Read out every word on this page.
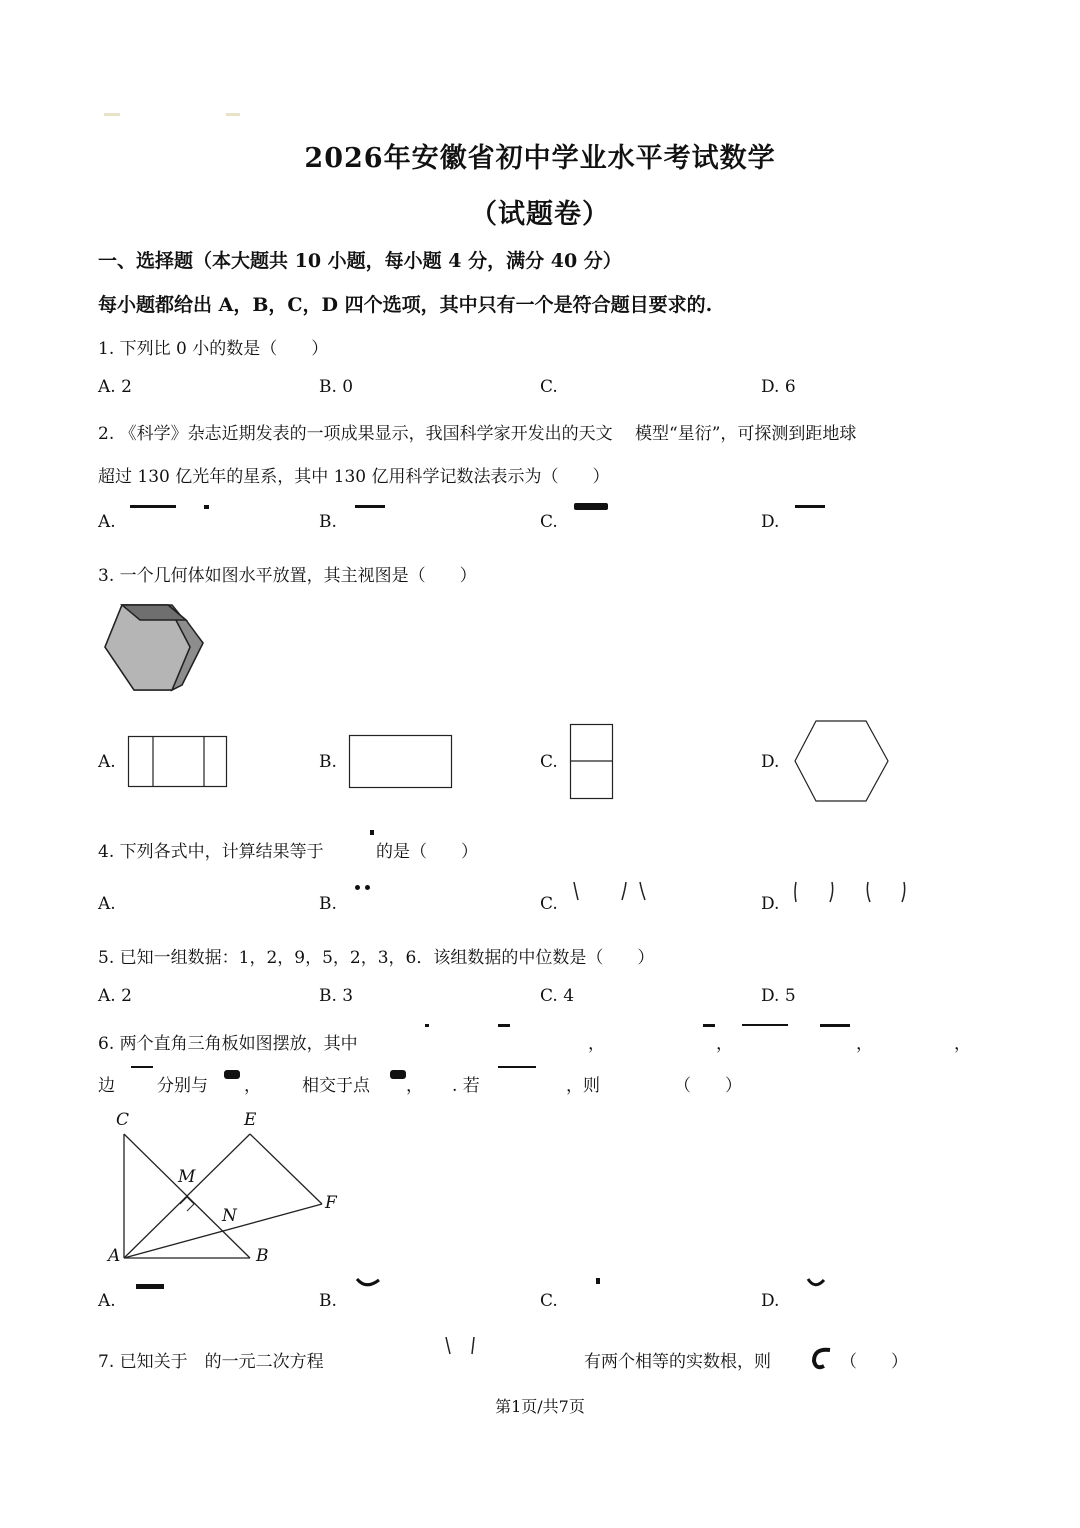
2026年安徽省初中学业水平考试数学
（试题卷）
一、选择题（本大题共 10 小题，每小题 4 分，满分 40 分）
每小题都给出 A，B，C，D 四个选项，其中只有一个是符合题目要求的.
1. 下列比 0 小的数是（　　）
A. 2	B. 0	C.	D. 6
2. 《科学》杂志近期发表的一项成果显示，我国科学家开发出的天文　 模型“星衍”，可探测到距地球
超过 130 亿光年的星系，其中 130 亿用科学记数法表示为（　　）
A.	B.	C.	D.
3. 一个几何体如图水平放置，其主视图是（　　）
A.	B.	C.	D.
4. 下列各式中，计算结果等于	的是（　　）
A.	B.	C.	D.
5. 已知一组数据：1，2，9，5，2，3，6．该组数据的中位数是（　　）
A. 2	B. 3	C. 4	D. 5
6. 两个直角三角板如图摆放，其中	，	，	，	，
边 分别与 ， 相交于点 ， . 若	，则	（　　）
C	E
M
F
N
A	B
A.	B.	C.	D.
7. 已知关于　的一元二次方程	有两个相等的实数根，则	（　　）
第1页/共7页
